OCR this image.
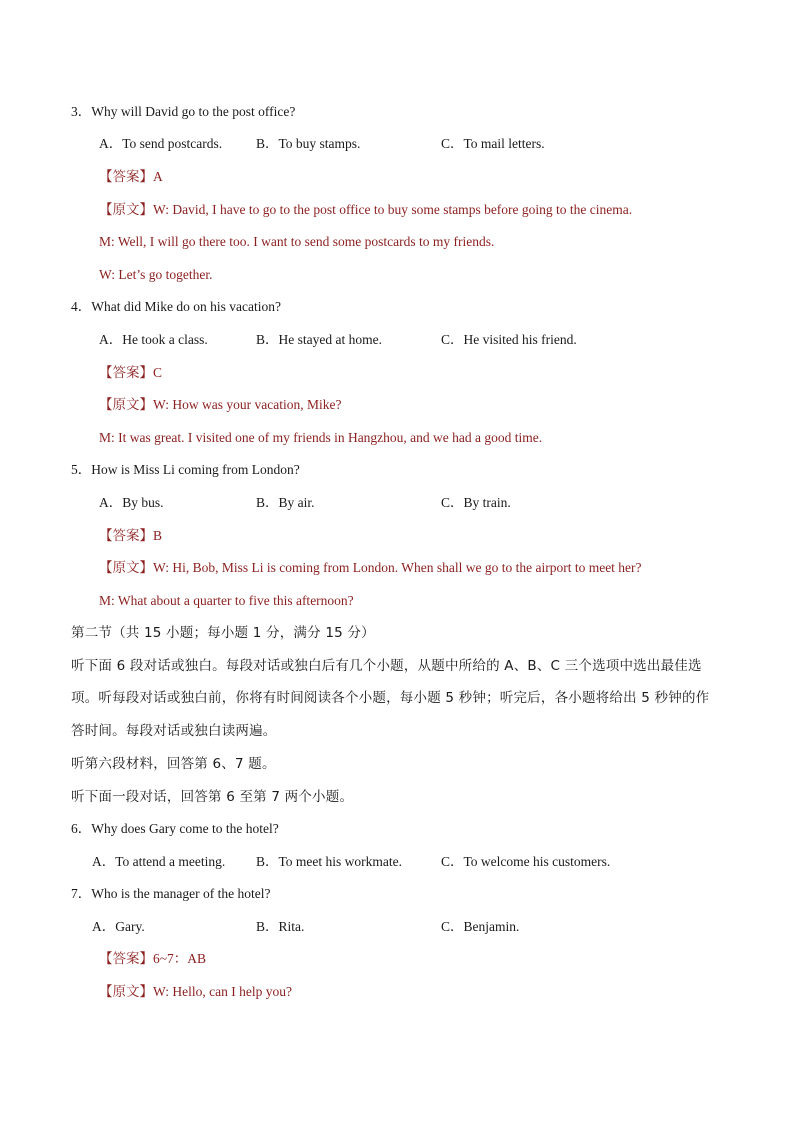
3．Why will David go to the post office?
A．To send postcards.	B．To buy stamps.	C．To mail letters.
【答案】A
【原文】W: David, I have to go to the post office to buy some stamps before going to the cinema.
M: Well, I will go there too. I want to send some postcards to my friends.
W: Let’s go together.
4．What did Mike do on his vacation?
A．He took a class.	B．He stayed at home.	C．He visited his friend.
【答案】C
【原文】W: How was your vacation, Mike?
M: It was great. I visited one of my friends in Hangzhou, and we had a good time.
5．How is Miss Li coming from London?
A．By bus.	B．By air.	C．By train.
【答案】B
【原文】W: Hi, Bob, Miss Li is coming from London. When shall we go to the airport to meet her?
M: What about a quarter to five this afternoon?
第二节（共 15 小题；每小题 1 分，满分 15 分）
听下面 6 段对话或独白。每段对话或独白后有几个小题，从题中所给的 A、B、C 三个选项中选出最佳选
项。听每段对话或独白前，你将有时间阅读各个小题，每小题 5 秒钟；听完后，各小题将给出 5 秒钟的作
答时间。每段对话或独白读两遍。
听第六段材料，回答第 6、7 题。
听下面一段对话，回答第 6 至第 7 两个小题。
6．Why does Gary come to the hotel?
A．To attend a meeting. B．To meet his workmate.	C．To welcome his customers.
7．Who is the manager of the hotel?
A．Gary.	B．Rita.	C．Benjamin.
【答案】6~7：AB
【原文】W: Hello, can I help you?
